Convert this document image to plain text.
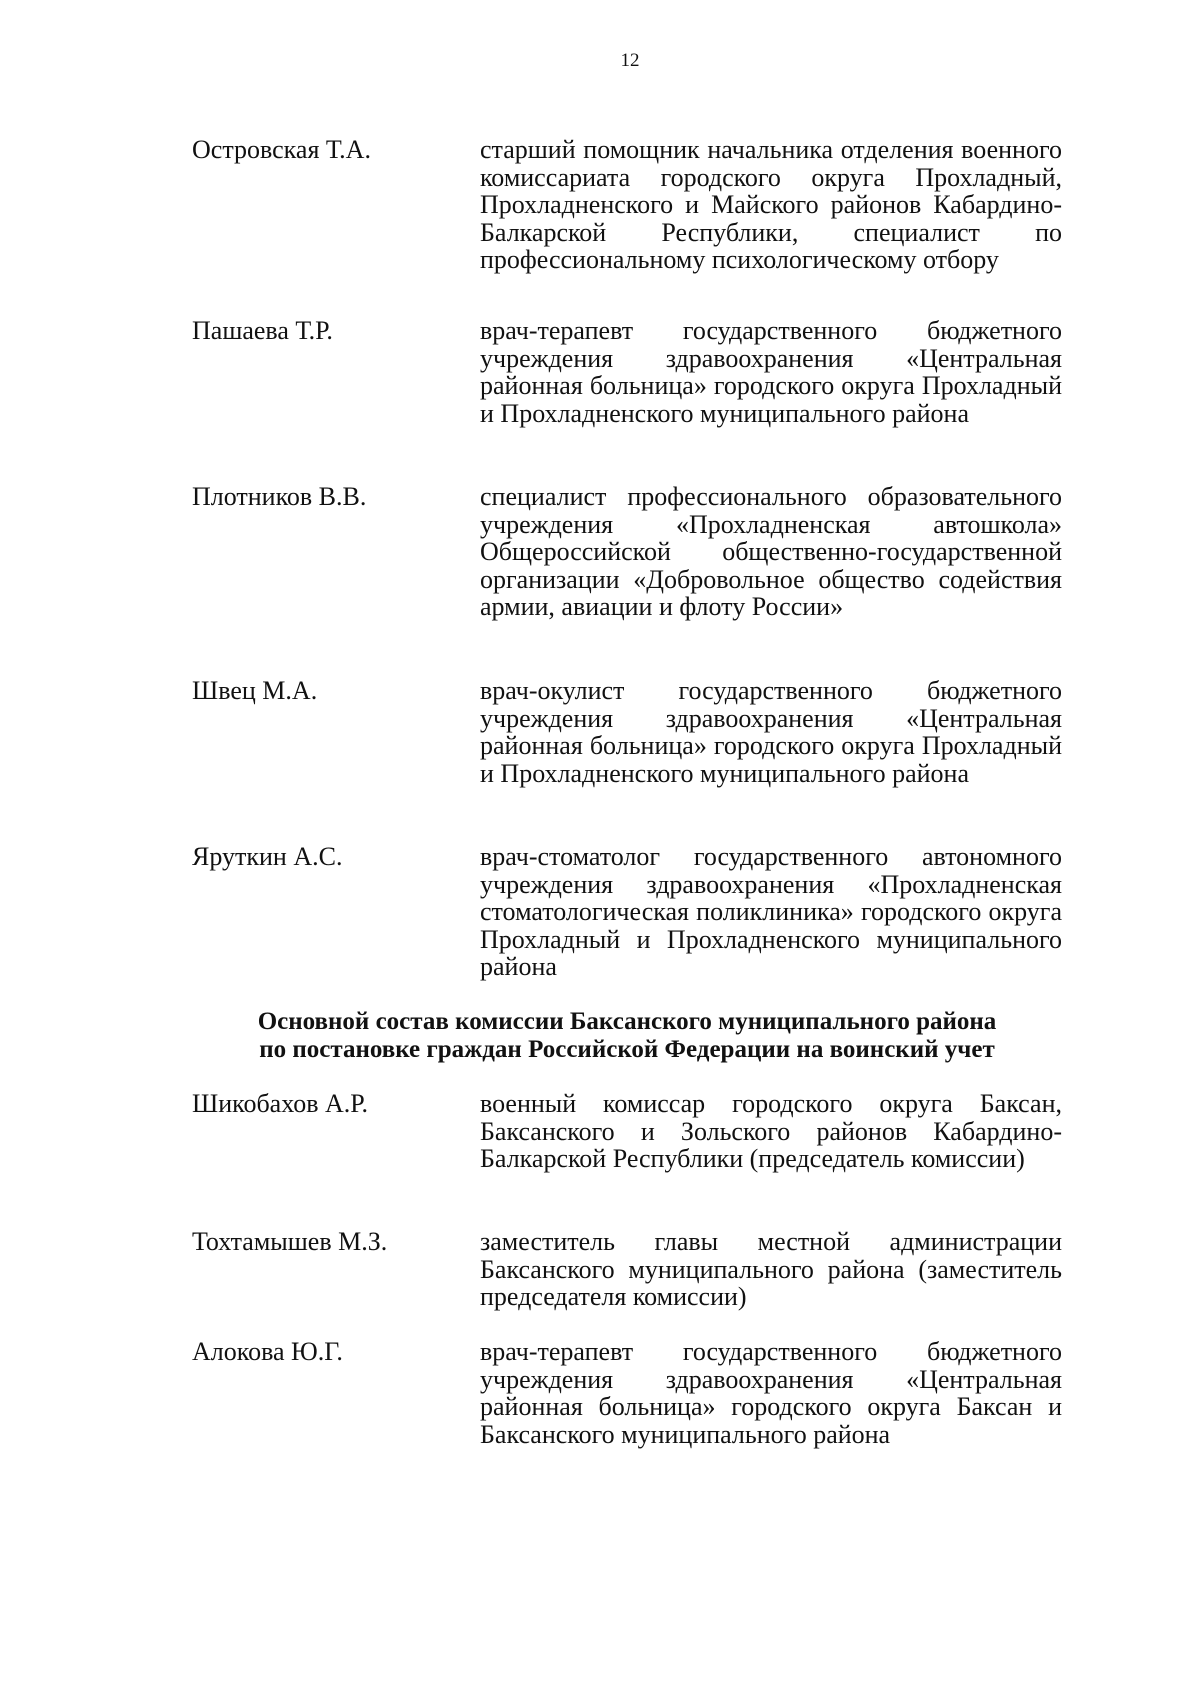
12
Островская Т.А.	старший помощник начальника отделения военного комиссариата городского округа Прохладный, Прохладненского и Майского районов Кабардино-Балкарской Республики, специалист по профессиональному психологическому отбору
Пашаева Т.Р.	врач-терапевт государственного бюджетного учреждения здравоохранения «Центральная районная больница» городского округа Прохладный и Прохладненского муниципального района
Плотников В.В.	специалист профессионального образовательного учреждения «Прохладненская автошкола» Общероссийской общественно-государственной организации «Добровольное общество содействия армии, авиации и флоту России»
Швец М.А.	врач-окулист государственного бюджетного учреждения здравоохранения «Центральная районная больница» городского округа Прохладный и Прохладненского муниципального района
Яруткин А.С.	врач-стоматолог государственного автономного учреждения здравоохранения «Прохладненская стоматологическая поликлиника» городского округа Прохладный и Прохладненского муниципального района
Основной состав комиссии Баксанского муниципального района
по постановке граждан Российской Федерации на воинский учет
Шикобахов А.Р.	военный комиссар городского округа Баксан, Баксанского и Зольского районов Кабардино-Балкарской Республики (председатель комиссии)
Тохтамышев М.З.	заместитель главы местной администрации Баксанского муниципального района (заместитель председателя комиссии)
Алокова Ю.Г.	врач-терапевт государственного бюджетного учреждения здравоохранения «Центральная районная больница» городского округа Баксан и Баксанского муниципального района
